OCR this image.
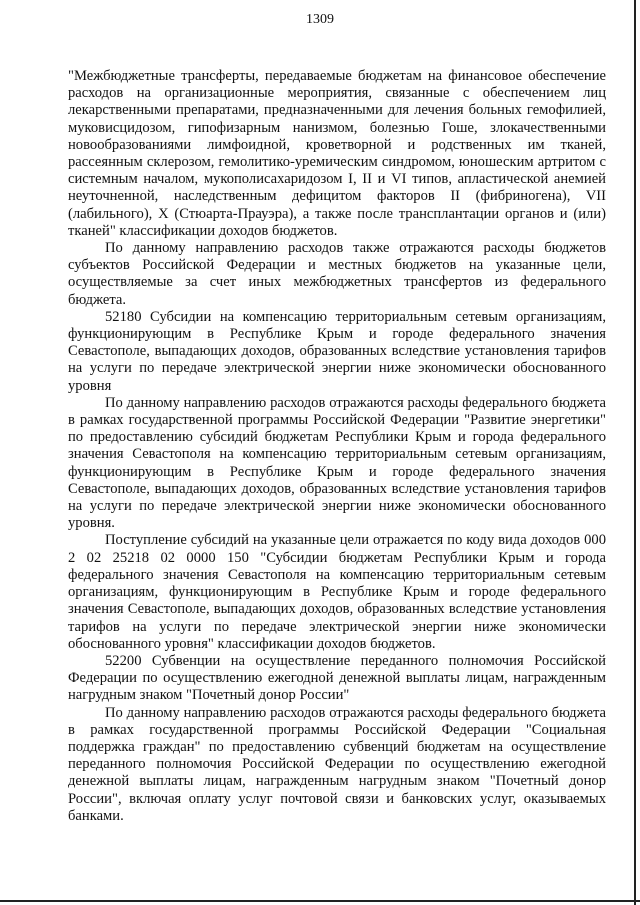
1309

"Межбюджетные трансферты, передаваемые бюджетам на финансовое обеспечение расходов на организационные мероприятия, связанные с обеспечением лиц лекарственными препаратами, предназначенными для лечения больных гемофилией, муковисцидозом, гипофизарным нанизмом, болезнью Гоше, злокачественными новообразованиями лимфоидной, кроветворной и родственных им тканей, рассеянным склерозом, гемолитико-уремическим синдромом, юношеским артритом с системным началом, мукополисахаридозом I, II и VI типов, апластической анемией неуточненной, наследственным дефицитом факторов II (фибриногена), VII (лабильного), X (Стюарта-Прауэра), а также после трансплантации органов и (или) тканей" классификации доходов бюджетов.

По данному направлению расходов также отражаются расходы бюджетов субъектов Российской Федерации и местных бюджетов на указанные цели, осуществляемые за счет иных межбюджетных трансфертов из федерального бюджета.

52180 Субсидии на компенсацию территориальным сетевым организациям, функционирующим в Республике Крым и городе федерального значения Севастополе, выпадающих доходов, образованных вследствие установления тарифов на услуги по передаче электрической энергии ниже экономически обоснованного уровня

По данному направлению расходов отражаются расходы федерального бюджета в рамках государственной программы Российской Федерации "Развитие энергетики" по предоставлению субсидий бюджетам Республики Крым и города федерального значения Севастополя на компенсацию территориальным сетевым организациям, функционирующим в Республике Крым и городе федерального значения Севастополе, выпадающих доходов, образованных вследствие установления тарифов на услуги по передаче электрической энергии ниже экономически обоснованного уровня.

Поступление субсидий на указанные цели отражается по коду вида доходов 000 2 02 25218 02 0000 150 "Субсидии бюджетам Республики Крым и города федерального значения Севастополя на компенсацию территориальным сетевым организациям, функционирующим в Республике Крым и городе федерального значения Севастополе, выпадающих доходов, образованных вследствие установления тарифов на услуги по передаче электрической энергии ниже экономически обоснованного уровня" классификации доходов бюджетов.

52200 Субвенции на осуществление переданного полномочия Российской Федерации по осуществлению ежегодной денежной выплаты лицам, награжденным нагрудным знаком "Почетный донор России"

По данному направлению расходов отражаются расходы федерального бюджета в рамках государственной программы Российской Федерации "Социальная поддержка граждан" по предоставлению субвенций бюджетам на осуществление переданного полномочия Российской Федерации по осуществлению ежегодной денежной выплаты лицам, награжденным нагрудным знаком "Почетный донор России", включая оплату услуг почтовой связи и банковских услуг, оказываемых банками.
